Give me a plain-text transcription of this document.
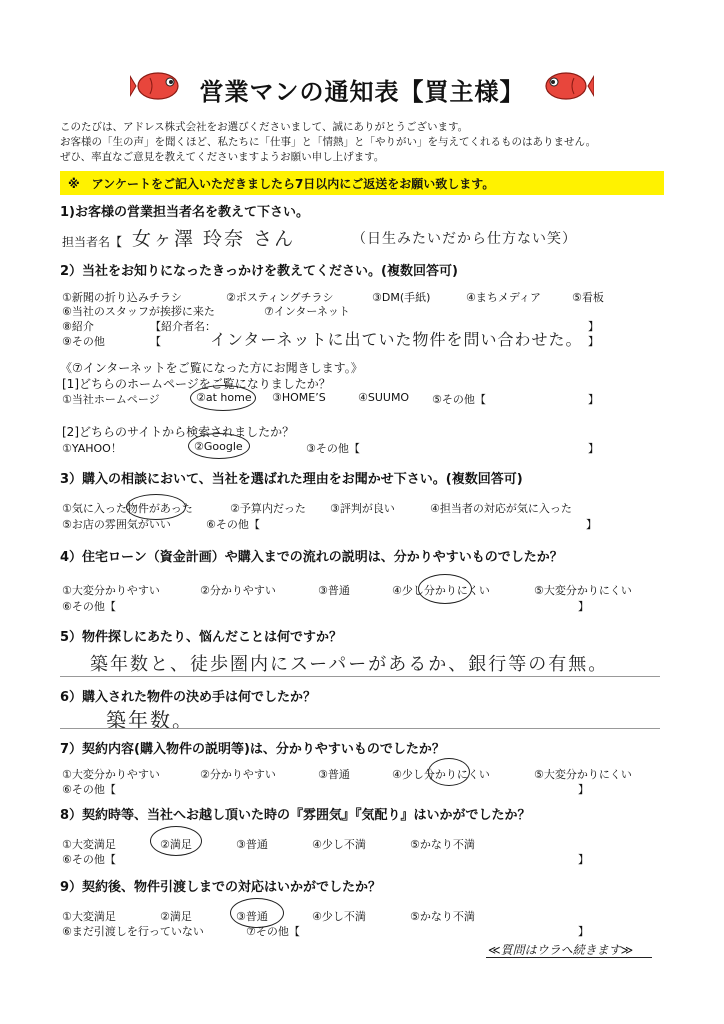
営業マンの通知表【買主様】
このたびは、アドレス株式会社をお選びくださいまして、誠にありがとうございます。
お客様の「生の声」を聞くほど、私たちに「仕事」と「情熱」と「やりがい」を与えてくれるものはありません。
ぜひ、率直なご意見を教えてくださいますようお願い申し上げます。
※　アンケートをご記入いただきましたら7日以内にご返送をお願い致します。
1)お客様の営業担当者名を教えて下さい。
担当者名【 女ヶ澤 玲奈 さん	（日生みたいだから仕方ない笑）
2）当社をお知りになったきっかけを教えてください。(複数回答可)
①新聞の折り込みチラシ	②ポスティングチラシ	③DM(手紙)	④まちメディア	⑤看板
⑥当社のスタッフが挨拶に来た	⑦インターネット
⑧紹介	【紹介者名：	】
⑨その他	【	】
インターネットに出ていた物件を問い合わせた。
《⑦インターネットをご覧になった方にお聞きします。》
[1]どちらのホームページをご覧になりましたか？
①当社ホームページ	②at home ③HOME’S	④SUUMO ⑤その他【	】
[2]どちらのサイトから検索されましたか？
①YAHOO！	②Google	③その他【	】
3）購入の相談において、当社を選ばれた理由をお聞かせ下さい。(複数回答可)
①気に入った物件があった	②予算内だった ③評判が良い	④担当者の対応が気に入った
⑤お店の雰囲気がいい	⑥その他【	】
4）住宅ローン（資金計画）や購入までの流れの説明は、分かりやすいものでしたか？
①大変分かりやすい	②分かりやすい	③普通	④少し分かりにくい	⑤大変分かりにくい
⑥その他【	】
5）物件探しにあたり、悩んだことは何ですか？
築年数と、徒歩圏内にスーパーがあるか、銀行等の有無。
6）購入された物件の決め手は何でしたか？
築年数。
7）契約内容(購入物件の説明等)は、分かりやすいものでしたか？
①大変分かりやすい	②分かりやすい	③普通	④少し分かりにくい	⑤大変分かりにくい
⑥その他【	】
8）契約時等、当社へお越し頂いた時の『雰囲気』『気配り』はいかがでしたか？
①大変満足	②満足	③普通	④少し不満	⑤かなり不満
⑥その他【	】
9）契約後、物件引渡しまでの対応はいかがでしたか？
①大変満足	②満足	③普通	④少し不満	⑤かなり不満
⑥まだ引渡しを行っていない	⑦その他【	】
≪質問はウラへ続きます≫
